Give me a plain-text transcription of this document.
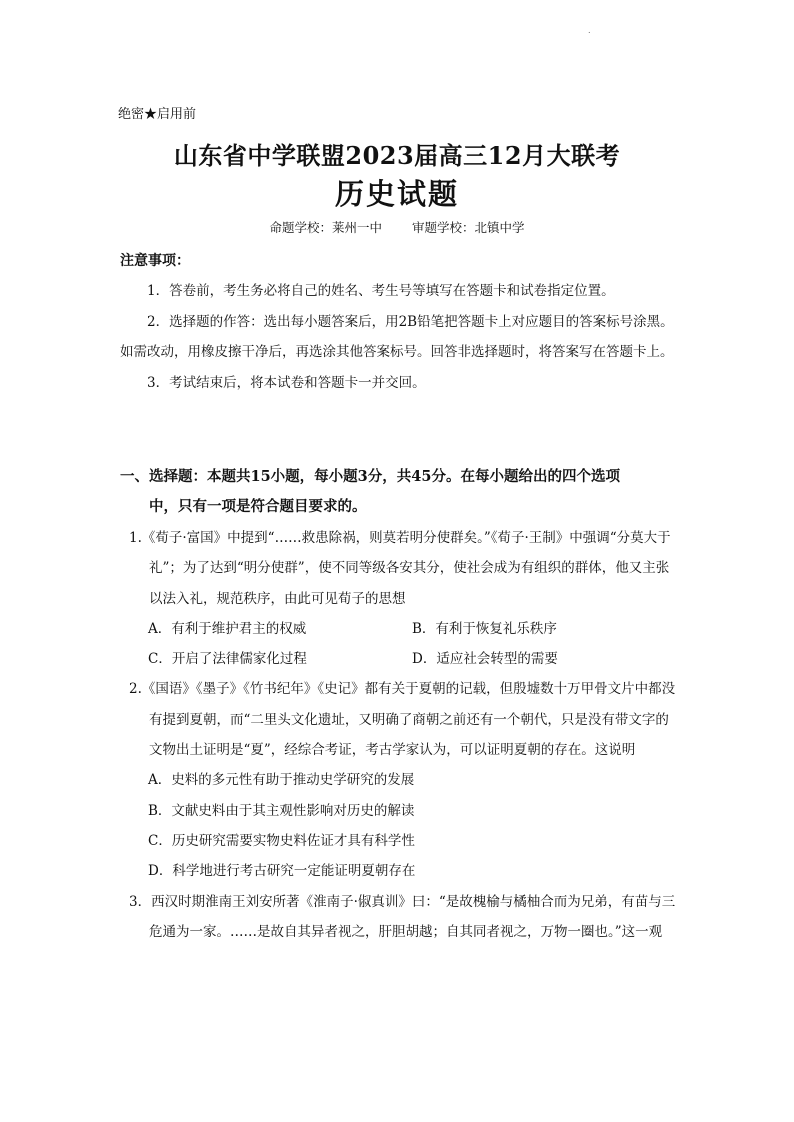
.
绝密★启用前
山东省中学联盟2023届高三12月大联考
历史试题
命题学校：莱州一中 审题学校：北镇中学
注意事项：

1．答卷前，考生务必将自己的姓名、考生号等填写在答题卡和试卷指定位置。

2．选择题的作答：选出每小题答案后，用2B铅笔把答题卡上对应题目的答案标号涂黑。如需改动，用橡皮擦干净后，再选涂其他答案标号。回答非选择题时，将答案写在答题卡上。

3．考试结束后，将本试卷和答题卡一并交回。

一、选择题：本题共15小题，每小题3分，共45分。在每小题给出的四个选项
中，只有一项是符合题目要求的。
1.《荀子·富国》中提到“……救患除祸，则莫若明分使群矣。”《荀子·王制》中强调“分莫大于礼”；为了达到“明分使群”，使不同等级各安其分，使社会成为有组织的群体，他又主张以法入礼，规范秩序，由此可见荀子的思想
A．有利于维护君主的权威	B．有利于恢复礼乐秩序
C．开启了法律儒家化过程	D．适应社会转型的需要
2.《国语》《墨子》《竹书纪年》《史记》都有关于夏朝的记载，但殷墟数十万甲骨文片中都没有提到夏朝，而“二里头文化遗址，又明确了商朝之前还有一个朝代，只是没有带文字的文物出土证明是“夏”，经综合考证，考古学家认为，可以证明夏朝的存在。这说明
A．史料的多元性有助于推动史学研究的发展
B．文献史料由于其主观性影响对历史的解读
C．历史研究需要实物史料佐证才具有科学性
D．科学地进行考古研究一定能证明夏朝存在
3．西汉时期淮南王刘安所著《淮南子·俶真训》曰：“是故槐榆与橘柚合而为兄弟，有苗与三危通为一家。……是故自其异者视之，肝胆胡越；自其同者视之，万物一圈也。”这一观
